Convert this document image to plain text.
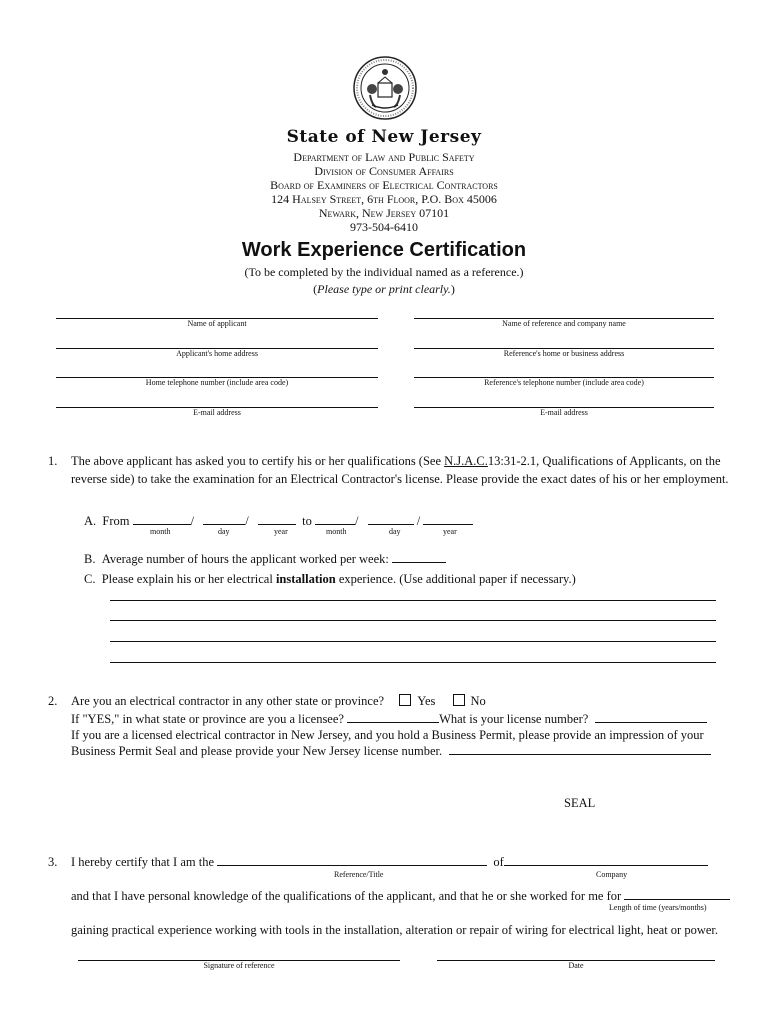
State of New Jersey
Department of Law and Public Safety
Division of Consumer Affairs
Board of Examiners of Electrical Contractors
124 Halsey Street, 6th Floor, P.O. Box 45006
Newark, New Jersey 07101
973-504-6410
Work Experience Certification
(To be completed by the individual named as a reference.)
(Please type or print clearly.)
Name of applicant	Name of reference and company name
Applicant's home address	Reference's home or business address
Home telephone number (include area code)	Reference's telephone number (include area code)
E-mail address	E-mail address
1. The above applicant has asked you to certify his or her qualifications (See N.J.A.C.13:31-2.1, Qualifications of Applicants, on the
reverse side) to take the examination for an Electrical Contractor's license. Please provide the exact dates of his or her employment.
A. From	/	/	to	/	/
month	day	year	month	day	year
B. Average number of hours the applicant worked per week:
C. Please explain his or her electrical installation experience. (Use additional paper if necessary.)
2. Are you an electrical contractor in any other state or province?	Yes	No
If "YES," in what state or province are you a licensee?	What is your license number?
If you are a licensed electrical contractor in New Jersey, and you hold a Business Permit, please provide an impression of your
Business Permit Seal and please provide your New Jersey license number.
SEAL
3. I hereby certify that I am the	of
Reference/Title	Company
and that I have personal knowledge of the qualifications of the applicant, and that he or she worked for me for
Length of time (years/months)
gaining practical experience working with tools in the installation, alteration or repair of wiring for electrical light, heat or power.
Signature of reference	Date
